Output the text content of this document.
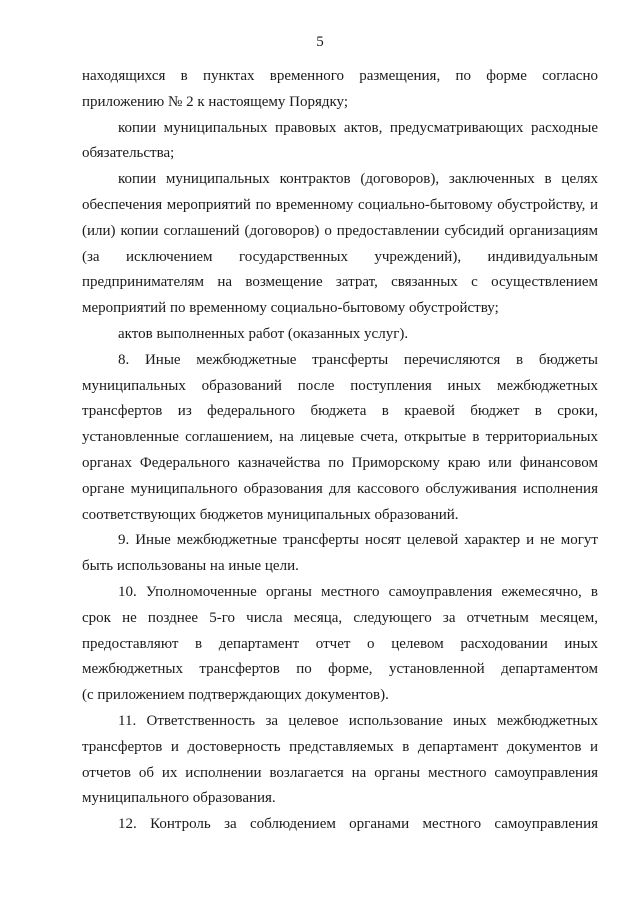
5
находящихся в пунктах временного размещения, по форме согласно
приложению № 2 к настоящему Порядку;
копии муниципальных правовых актов, предусматривающих расходные
обязательства;
копии муниципальных контрактов (договоров), заключенных в целях
обеспечения мероприятий по временному социально-бытовому обустройству, и
(или) копии соглашений (договоров) о предоставлении субсидий организациям
(за исключением государственных учреждений), индивидуальным
предпринимателям на возмещение затрат, связанных с осуществлением
мероприятий по временному социально-бытовому обустройству;
актов выполненных работ (оказанных услуг).
8. Иные межбюджетные трансферты перечисляются в бюджеты
муниципальных образований после поступления иных межбюджетных
трансфертов из федерального бюджета в краевой бюджет в сроки,
установленные соглашением, на лицевые счета, открытые в территориальных
органах Федерального казначейства по Приморскому краю или финансовом
органе муниципального образования для кассового обслуживания исполнения
соответствующих бюджетов муниципальных образований.
9. Иные межбюджетные трансферты носят целевой характер и не могут
быть использованы на иные цели.
10. Уполномоченные органы местного самоуправления ежемесячно, в
срок не позднее 5-го числа месяца, следующего за отчетным месяцем,
предоставляют в департамент отчет о целевом расходовании иных
межбюджетных трансфертов по форме, установленной департаментом
(с приложением подтверждающих документов).
11. Ответственность за целевое использование иных межбюджетных
трансфертов и достоверность представляемых в департамент документов и
отчетов об их исполнении возлагается на органы местного самоуправления
муниципального образования.
12. Контроль за соблюдением органами местного самоуправления
